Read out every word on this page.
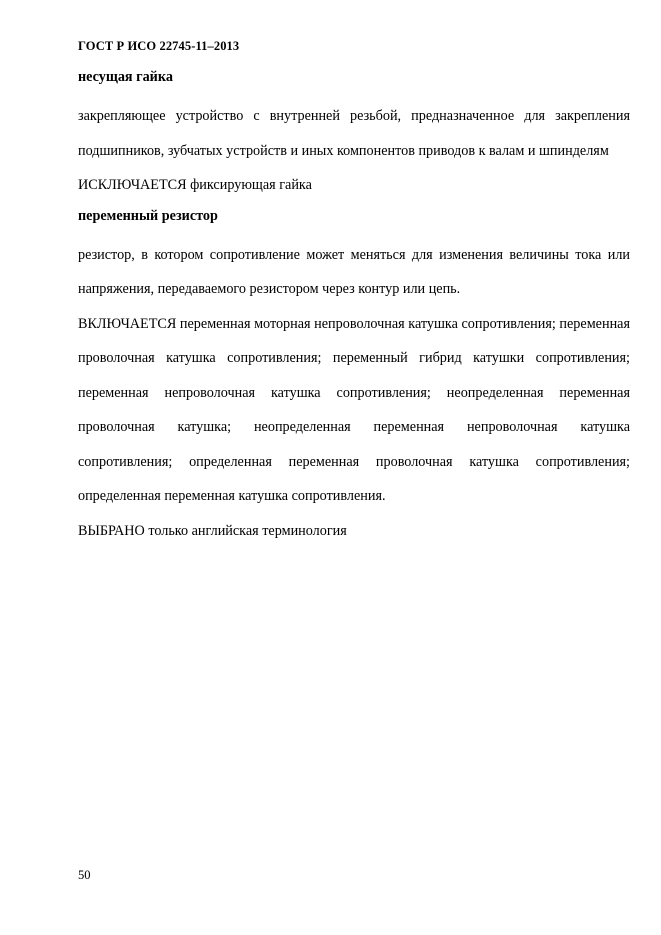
ГОСТ Р ИСО 22745-11–2013
несущая гайка

закрепляющее устройство с внутренней резьбой, предназначенное для закрепления подшипников, зубчатых устройств и иных компонентов приводов к валам и шпинделям

ИСКЛЮЧАЕТСЯ фиксирующая гайка

переменный резистор

резистор, в котором сопротивление может меняться для изменения величины тока или напряжения, передаваемого резистором через контур или цепь.

ВКЛЮЧАЕТСЯ переменная моторная непроволочная катушка сопротивления; переменная проволочная катушка сопротивления; переменный гибрид катушки сопротивления; переменная непроволочная катушка сопротивления; неопределенная переменная проволочная катушка; неопределенная переменная непроволочная катушка сопротивления; определенная переменная проволочная катушка сопротивления; определенная переменная катушка сопротивления.

ВЫБРАНО только английская терминология

50
